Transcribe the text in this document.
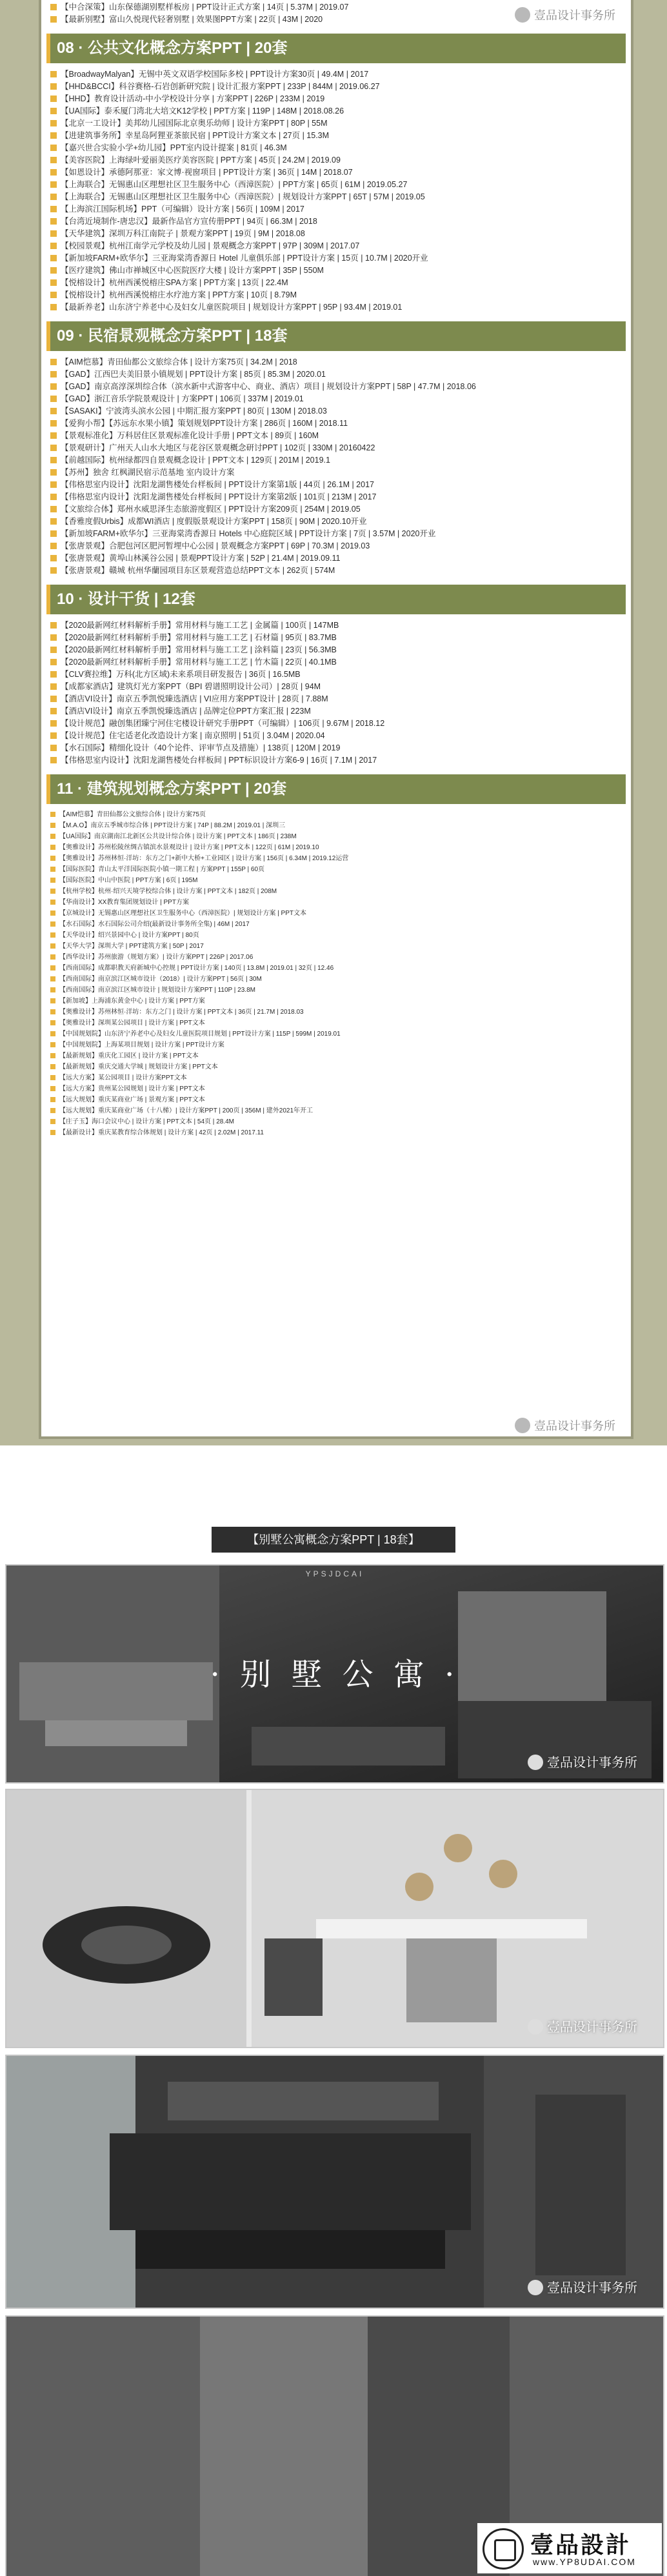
【中合深策】山东保德湖别墅样板房 | PPT设计正式方案 | 14页 | 5.37M | 2019.07
【最新别墅】富山久悦现代轻奢别墅 | 效果图PPT方案 | 22页 | 43M | 2020	壹品设计事务所
08 · 公共文化概念方案PPT | 20套
【BroadwayMalyan】无锡中英文双语学校国际多校 | PPT设计方案30页 | 49.4M | 2017
【HHD&BCCI】科谷赛格-石岩创新研究院 | 设计汇报方案PPT | 233P | 844M | 2019.06.27
【HHD】教育设计活动-中小学校设计分享 | 方案PPT | 226P | 233M | 2019
【UA国际】泰禾厦门湾北大培文K12学校 | PPT方案 | 119P | 148M | 2018.08.26
【北京一工设计】美邦幼儿园国际北京奥乐幼师 | 设计方案PPT | 80P | 55M
【进建筑事务所】幸星岛阿狸亚茶旅民宿 | PPT设计方案文本 | 27页 | 15.3M
【嘉兴世合实验小学+幼儿园】PPT室内设计提案 | 81页 | 46.3M
【美容医院】上海绿叶爱丽美医疗美容医院 | PPT方案 | 45页 | 24.2M | 2019.09
【如恩设计】承德阿那亚：家文博·视窗项目 | PPT设计方案 | 36页 | 14M | 2018.07
【上海联合】无锡惠山区理想社区卫生服务中心（西漳医院）| PPT方案 | 65页 | 61M | 2019.05.27
【上海联合】无锡惠山区理想社区卫生服务中心（西漳医院）| 规划设计方案PPT | 65T | 57M | 2019.05
【上海滨江国际机场】PPT（可编辑）设计方案 | 56页 | 109M | 2017
【台湾近境制作-唐忠汉】最新作品官方宣传册PPT | 94页 | 66.3M | 2018
【天华建筑】深圳万科江南院子 | 景观方案PPT | 19页 | 9M | 2018.08
【校园景观】杭州江南学元学校及幼儿园 | 景观概念方案PPT | 97P | 309M | 2017.07
【新加坡FARM+欧华尔】三亚海棠湾香源日 Hotel 儿童俱乐部 | PPT设计方案 | 15页 | 10.7M | 2020开业
【医疗建筑】佛山市禅城区中心医院医疗大楼 | 设计方案PPT | 35P | 550M
【悦榕设计】杭州西溪悦榕庄SPA方案 | PPT方案 | 13页 | 22.4M
【悦榕设计】杭州西溪悦榕庄水疗池方案 | PPT方案 | 10页 | 8.79M
【最新养老】山东济宁养老中心及妇女儿童医院项目 | 规划设计方案PPT | 95P | 93.4M | 2019.01
09 · 民宿景观概念方案PPT | 18套
【AIM恺慕】青田仙都公文旅综合体 | 设计方案75页 | 34.2M | 2018
【GAD】江西巴夫美旧景小镇规划 | PPT设计方案 | 85页 | 85.3M | 2020.01
【GAD】南京高淳深圳综合体（滨水新中式游客中心、商业、酒店）项目 | 规划设计方案PPT | 58P | 47.7M | 2018.06
【GAD】浙江音乐学院景观设计 | 方案PPT | 106页 | 337M | 2019.01
【SASAKI】宁波湾头滨水公园 | 中期汇报方案PPT | 80页 | 130M | 2018.03
【爱狗小帮】【苏远东水果小镇】策划规划PPT设计方案 | 286页 | 160M | 2018.11
【景观标准化】万科居住区景观标准化设计手册 | PPT文本 | 89页 | 160M
【景观研计】广州天人山水大地区与花谷区景观概念研讨PPT | 102页 | 330M | 20160422
【前越国际】杭州绿都四自景观概念设计 | PPT文本 | 129页 | 201M | 2019.1
【苏州】独舍 红枫湖民宿示范基地 室内设计方案
【伟格思室内设计】沈阳龙湖售楼处台样板间 | PPT设计方案第1版 | 44页 | 26.1M | 2017
【伟格思室内设计】沈阳龙湖售楼处台样板间 | PPT设计方案第2版 | 101页 | 213M | 2017
【文旅综合体】郑州水威思泽生态旅游度假区 | PPT设计方案209页 | 254M | 2019.05
【香雅度假Urbis】成都WI酒店 | 度假版景观设计方案PPT | 158页 | 90M | 2020.10开业
【新加坡FARM+欧华尔】三亚海棠湾香源日 Hotels 中心庭院区域 | PPT设计方案 | 7页 | 3.57M | 2020开业
【张唐景观】合肥包河区肥河暂埋中心公园 | 景观概念方案PPT | 69P | 70.3M | 2019.03
【张唐景观】黄埠山林溪谷公园 | 景观PPT设计方案 | 52P | 21.4M | 2019.09.11
【张唐景观】赣城 杭州华蘭园项目东区景观营造总结PPT文本 | 262页 | 574M
10 · 设计干货 | 12套
【2020最新网红材料解析手册】常用材料与施工工艺 | 金属篇 | 100页 | 147MB
【2020最新网红材料解析手册】常用材料与施工工艺 | 石材篇 | 95页 | 83.7MB
【2020最新网红材料解析手册】常用材料与施工工艺 | 涂料篇 | 23页 | 56.3MB
【2020最新网红材料解析手册】常用材料与施工工艺 | 竹木篇 | 22页 | 40.1MB
【CLV赛拉维】万科(北方区域)未来系项目研发报告 | 36页 | 16.5MB
【成都家酒店】建筑灯光方案PPT（BPI 碧谱照明设计公司）| 28页 | 94M
【酒店VI设计】南京五季凯悦臻选酒店 | VI应用方案PPT设计 | 28页 | 7.88M
【酒店VI设计】南京五季凯悦臻选酒店 | 品牌定位PPT方案汇报 | 223M
【设计规范】融创集团臻宁河住宅楼设计研究手册PPT（可编辑）| 106页 | 9.67M | 2018.12
【设计规范】住宅适老化改造设计方案 | 南京照明 | 51页 | 3.04M | 2020.04
【水石国际】精细化设计（40个论件、评审节点及措施）| 138页 | 120M | 2019
【伟格思室内设计】沈阳龙湖售楼处台样板间 | PPT标识设计方案6-9 | 16页 | 7.1M | 2017
11 · 建筑规划概念方案PPT | 20套
【AIM恺慕】青田仙都公文旅综合体 | 设计方案75页
【M.A.O】南京五季城市综合体 | PPT设计方案 | 74P | 88.2M | 2019.01 | 深圳三
【UA国际】南京湖南江北新区公共设计综合体 | 设计方案 | PPT文本 | 186页 | 238M
【奥雅设计】苏州松陵丝绸古镇滨水景观设计 | 设计方案 | PPT文本 | 122页 | 61M | 2019.10
【奥雅设计】苏州林恒·洋坊：东方之门+新中大桥+工业园区 | 设计方案 | 156页 | 6.34M | 2019.12运营
【国际医院】青山太平洋国际医院小镇一期工程 | 方案PPT | 155P | 60页
【国际医院】中山中医院 | PPT方案 | 6页 | 195M
【杭州学校】杭州·绍兴天境学校综合体 | 设计方案 | PPT文本 | 182页 | 208M
【华南设计】XX教育集团规划设计 | PPT方案
【京城设计】无锡惠山区理想社区卫生服务中心（西漳医院）| 规划设计方案 | PPT文本
【水石国际】水石国际公司介绍(最新设计事务所全集) | 46M | 2017
【天华设计】绍兴景园中心 | 设计方案PPT | 80页
【天华大学】深圳大学 | PPT建筑方案 | 50P | 2017
【西华设计】苏州旅游（规划方案）| 设计方案PPT | 226P | 2017.06
【西南国际】成都职教天府新城中心控规 | PPT设计方案 | 140页 | 13.8M | 2019.01 | 32页 | 12.46
【西南国际】南京滨江区城市设计（2018）| 设计方案PPT | 56页 | 30M
【西南国际】南京滨江区城市设计 | 规划设计方案PPT | 110P | 23.8M
【新加坡】上海浦东黄金中心 | 设计方案 | PPT方案
【奥雅设计】苏州林恒·洋坊：东方之门 | 设计方案 | PPT文本 | 36页 | 21.7M | 2018.03
【奥雅设计】深圳某公园项目 | 设计方案 | PPT文本
【中国规划院】山东济宁养老中心及妇女儿童医院项目规划 | PPT设计方案 | 115P | 599M | 2019.01
【中国规划院】上海某项目规划 | 设计方案 | PPT设计方案
【最新规划】重庆化工园区 | 设计方案 | PPT文本
【最新规划】重庆交通大学城 | 规划设计方案 | PPT文本
【远大方案】某公园项目 | 设计方案PPT文本
【远大方案】贵州某公园规划 | 设计方案 | PPT文本
【远大规划】重庆某商业广场 | 景观方案 | PPT文本
【远大规划】重庆某商业广场（十八梯）| 设计方案PPT | 200页 | 356M | 建外2021年开工
【庄子玉】海口会议中心 | 设计方案 | PPT文本 | 54页 | 28.4M
【最新设计】重庆某教育综合体规划 | 设计方案 | 42页 | 2.02M | 2017.11
壹品设计事务所
【别墅公寓概念方案PPT | 18套】
YPSJDCAI
· 别 墅 公 寓 ·
壹品设计事务所
壹品设计事务所
壹品设计事务所
壹品設計
www.YP8UDAI.COM
